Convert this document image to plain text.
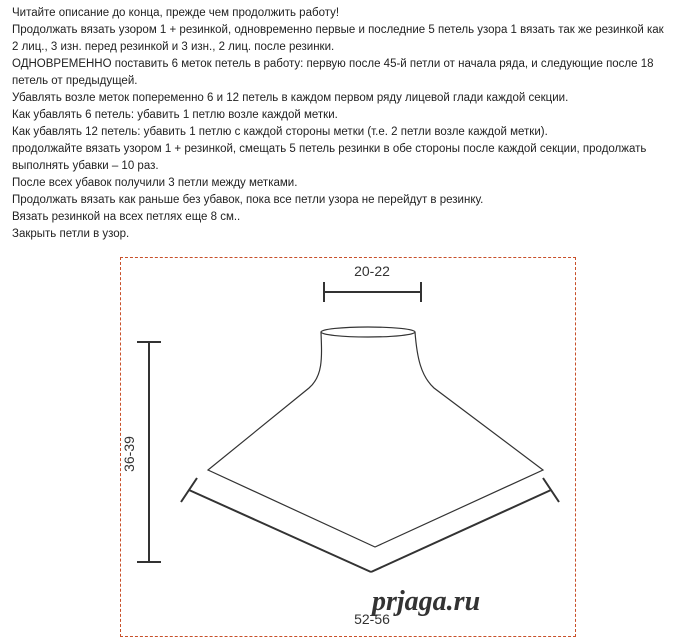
Читайте описание до конца, прежде чем продолжить работу!

Продолжать вязать узором 1 + резинкой, одновременно первые и последние 5 петель узора 1 вязать так же резинкой как
2 лиц., 3 изн. перед резинкой и 3 изн., 2 лиц. после резинки.

ОДНОВРЕМЕННО поставить 6 меток петель в работу: первую после 45-й петли от начала ряда, и следующие после 18
петель от предыдущей.

Убавлять возле меток попеременно 6 и 12 петель в каждом первом ряду лицевой глади каждой секции.

Как убавлять 6 петель: убавить 1 петлю возле каждой метки.

Как убавлять 12 петель: убавить 1 петлю с каждой стороны метки (т.е. 2 петли возле каждой метки).

продолжайте вязать узором 1 + резинкой, смещать 5 петель резинки в обе стороны после каждой секции, продолжать
выполнять убавки – 10 раз.

После всех убавок получили 3 петли между метками.

Продолжать вязать как раньше без убавок, пока все петли узора не перейдут в резинку.

Вязать резинкой на всех петлях еще 8 см..

Закрыть петли в узор.

20-22
36-39
52-56
prjaga.ru
